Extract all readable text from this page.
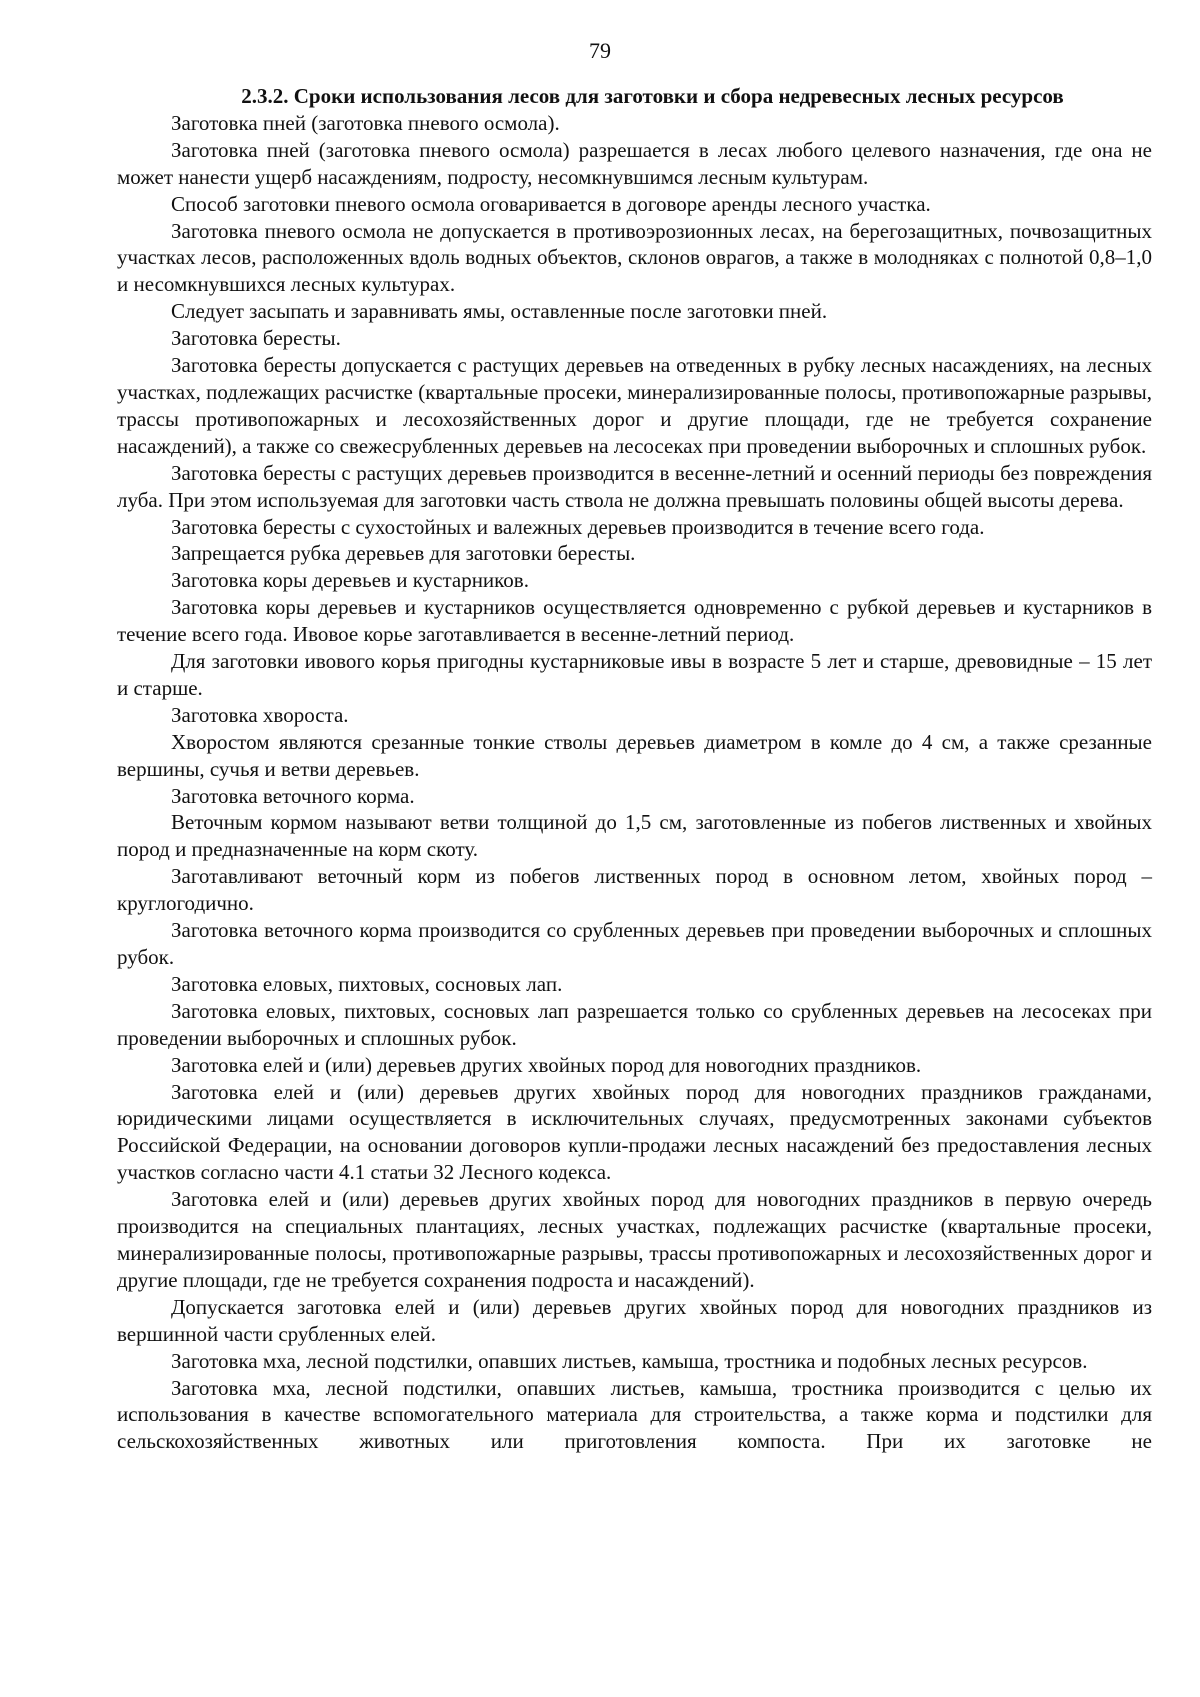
79

2.3.2. Сроки использования лесов для заготовки и сбора недревесных лесных ресурсов

Заготовка пней (заготовка пневого осмола).

Заготовка пней (заготовка пневого осмола) разрешается в лесах любого целевого назначения, где она не может нанести ущерб насаждениям, подросту, несомкнувшимся лесным культурам.

Способ заготовки пневого осмола оговаривается в договоре аренды лесного участка.

Заготовка пневого осмола не допускается в противоэрозионных лесах, на берегозащитных, почвозащитных участках лесов, расположенных вдоль водных объектов, склонов оврагов, а также в молодняках с полнотой 0,8–1,0 и несомкнувшихся лесных культурах.

Следует засыпать и заравнивать ямы, оставленные после заготовки пней.

Заготовка бересты.

Заготовка бересты допускается с растущих деревьев на отведенных в рубку лесных насаждениях, на лесных участках, подлежащих расчистке (квартальные просеки, минерализированные полосы, противопожарные разрывы, трассы противопожарных и лесохозяйственных дорог и другие площади, где не требуется сохранение насаждений), а также со свежесрубленных деревьев на лесосеках при проведении выборочных и сплошных рубок.

Заготовка бересты с растущих деревьев производится в весенне-летний и осенний периоды без повреждения луба. При этом используемая для заготовки часть ствола не должна превышать половины общей высоты дерева.

Заготовка бересты с сухостойных и валежных деревьев производится в течение всего года.

Запрещается рубка деревьев для заготовки бересты.

Заготовка коры деревьев и кустарников.

Заготовка коры деревьев и кустарников осуществляется одновременно с рубкой деревьев и кустарников в течение всего года. Ивовое корье заготавливается в весенне-летний период.

Для заготовки ивового корья пригодны кустарниковые ивы в возрасте 5 лет и старше, древовидные – 15 лет и старше.

Заготовка хвороста.

Хворостом являются срезанные тонкие стволы деревьев диаметром в комле до 4 см, а также срезанные вершины, сучья и ветви деревьев.

Заготовка веточного корма.

Веточным кормом называют ветви толщиной до 1,5 см, заготовленные из побегов лиственных и хвойных пород и предназначенные на корм скоту.

Заготавливают веточный корм из побегов лиственных пород в основном летом, хвойных пород – круглогодично.

Заготовка веточного корма производится со срубленных деревьев при проведении выборочных и сплошных рубок.

Заготовка еловых, пихтовых, сосновых лап.

Заготовка еловых, пихтовых, сосновых лап разрешается только со срубленных деревьев на лесосеках при проведении выборочных и сплошных рубок.

Заготовка елей и (или) деревьев других хвойных пород для новогодних праздников.

Заготовка елей и (или) деревьев других хвойных пород для новогодних праздников гражданами, юридическими лицами осуществляется в исключительных случаях, предусмотренных законами субъектов Российской Федерации, на основании договоров купли-продажи лесных насаждений без предоставления лесных участков согласно части 4.1 статьи 32 Лесного кодекса.

Заготовка елей и (или) деревьев других хвойных пород для новогодних праздников в первую очередь производится на специальных плантациях, лесных участках, подлежащих расчистке (квартальные просеки, минерализированные полосы, противопожарные разрывы, трассы противопожарных и лесохозяйственных дорог и другие площади, где не требуется сохранения подроста и насаждений).

Допускается заготовка елей и (или) деревьев других хвойных пород для новогодних праздников из вершинной части срубленных елей.

Заготовка мха, лесной подстилки, опавших листьев, камыша, тростника и подобных лесных ресурсов.

Заготовка мха, лесной подстилки, опавших листьев, камыша, тростника производится с целью их использования в качестве вспомогательного материала для строительства, а также корма и подстилки для сельскохозяйственных животных или приготовления компоста. При их заготовке не
